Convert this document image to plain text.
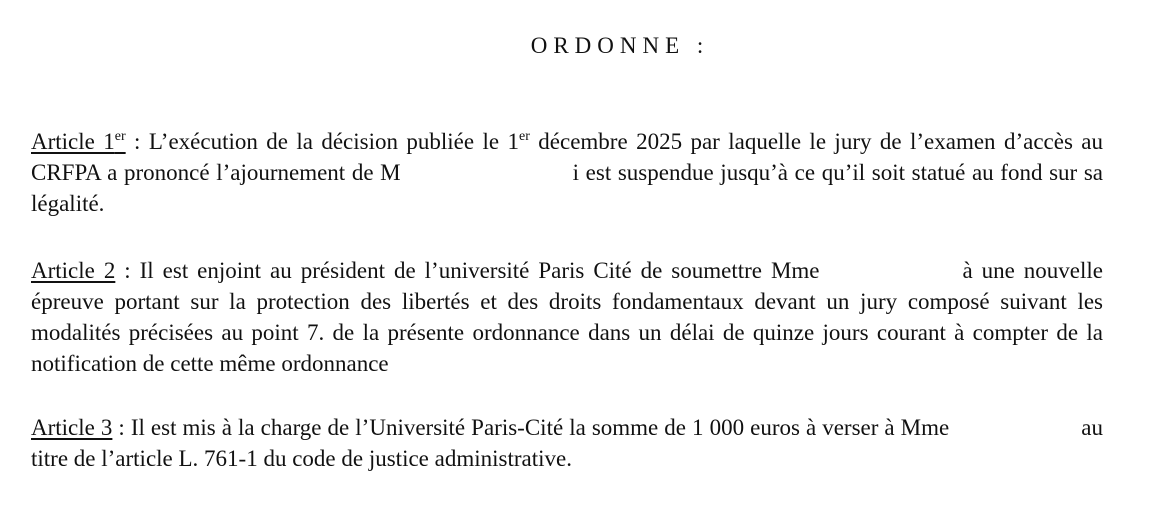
ORDONNE :
Article 1er : L’exécution de la décision publiée le 1er décembre 2025 par laquelle le jury de l’examen d’accès au CRFPA a prononcé l’ajournement de M	i est suspendue jusqu’à ce qu’il soit statué au fond sur sa légalité.
Article 2 : Il est enjoint au président de l’université Paris Cité de soumettre Mme	à une nouvelle épreuve portant sur la protection des libertés et des droits fondamentaux devant un jury composé suivant les modalités précisées au point 7. de la présente ordonnance dans un délai de quinze jours courant à compter de la notification de cette même ordonnance
Article 3 : Il est mis à la charge de l’Université Paris-Cité la somme de 1 000 euros à verser à Mme	au titre de l’article L. 761-1 du code de justice administrative.
